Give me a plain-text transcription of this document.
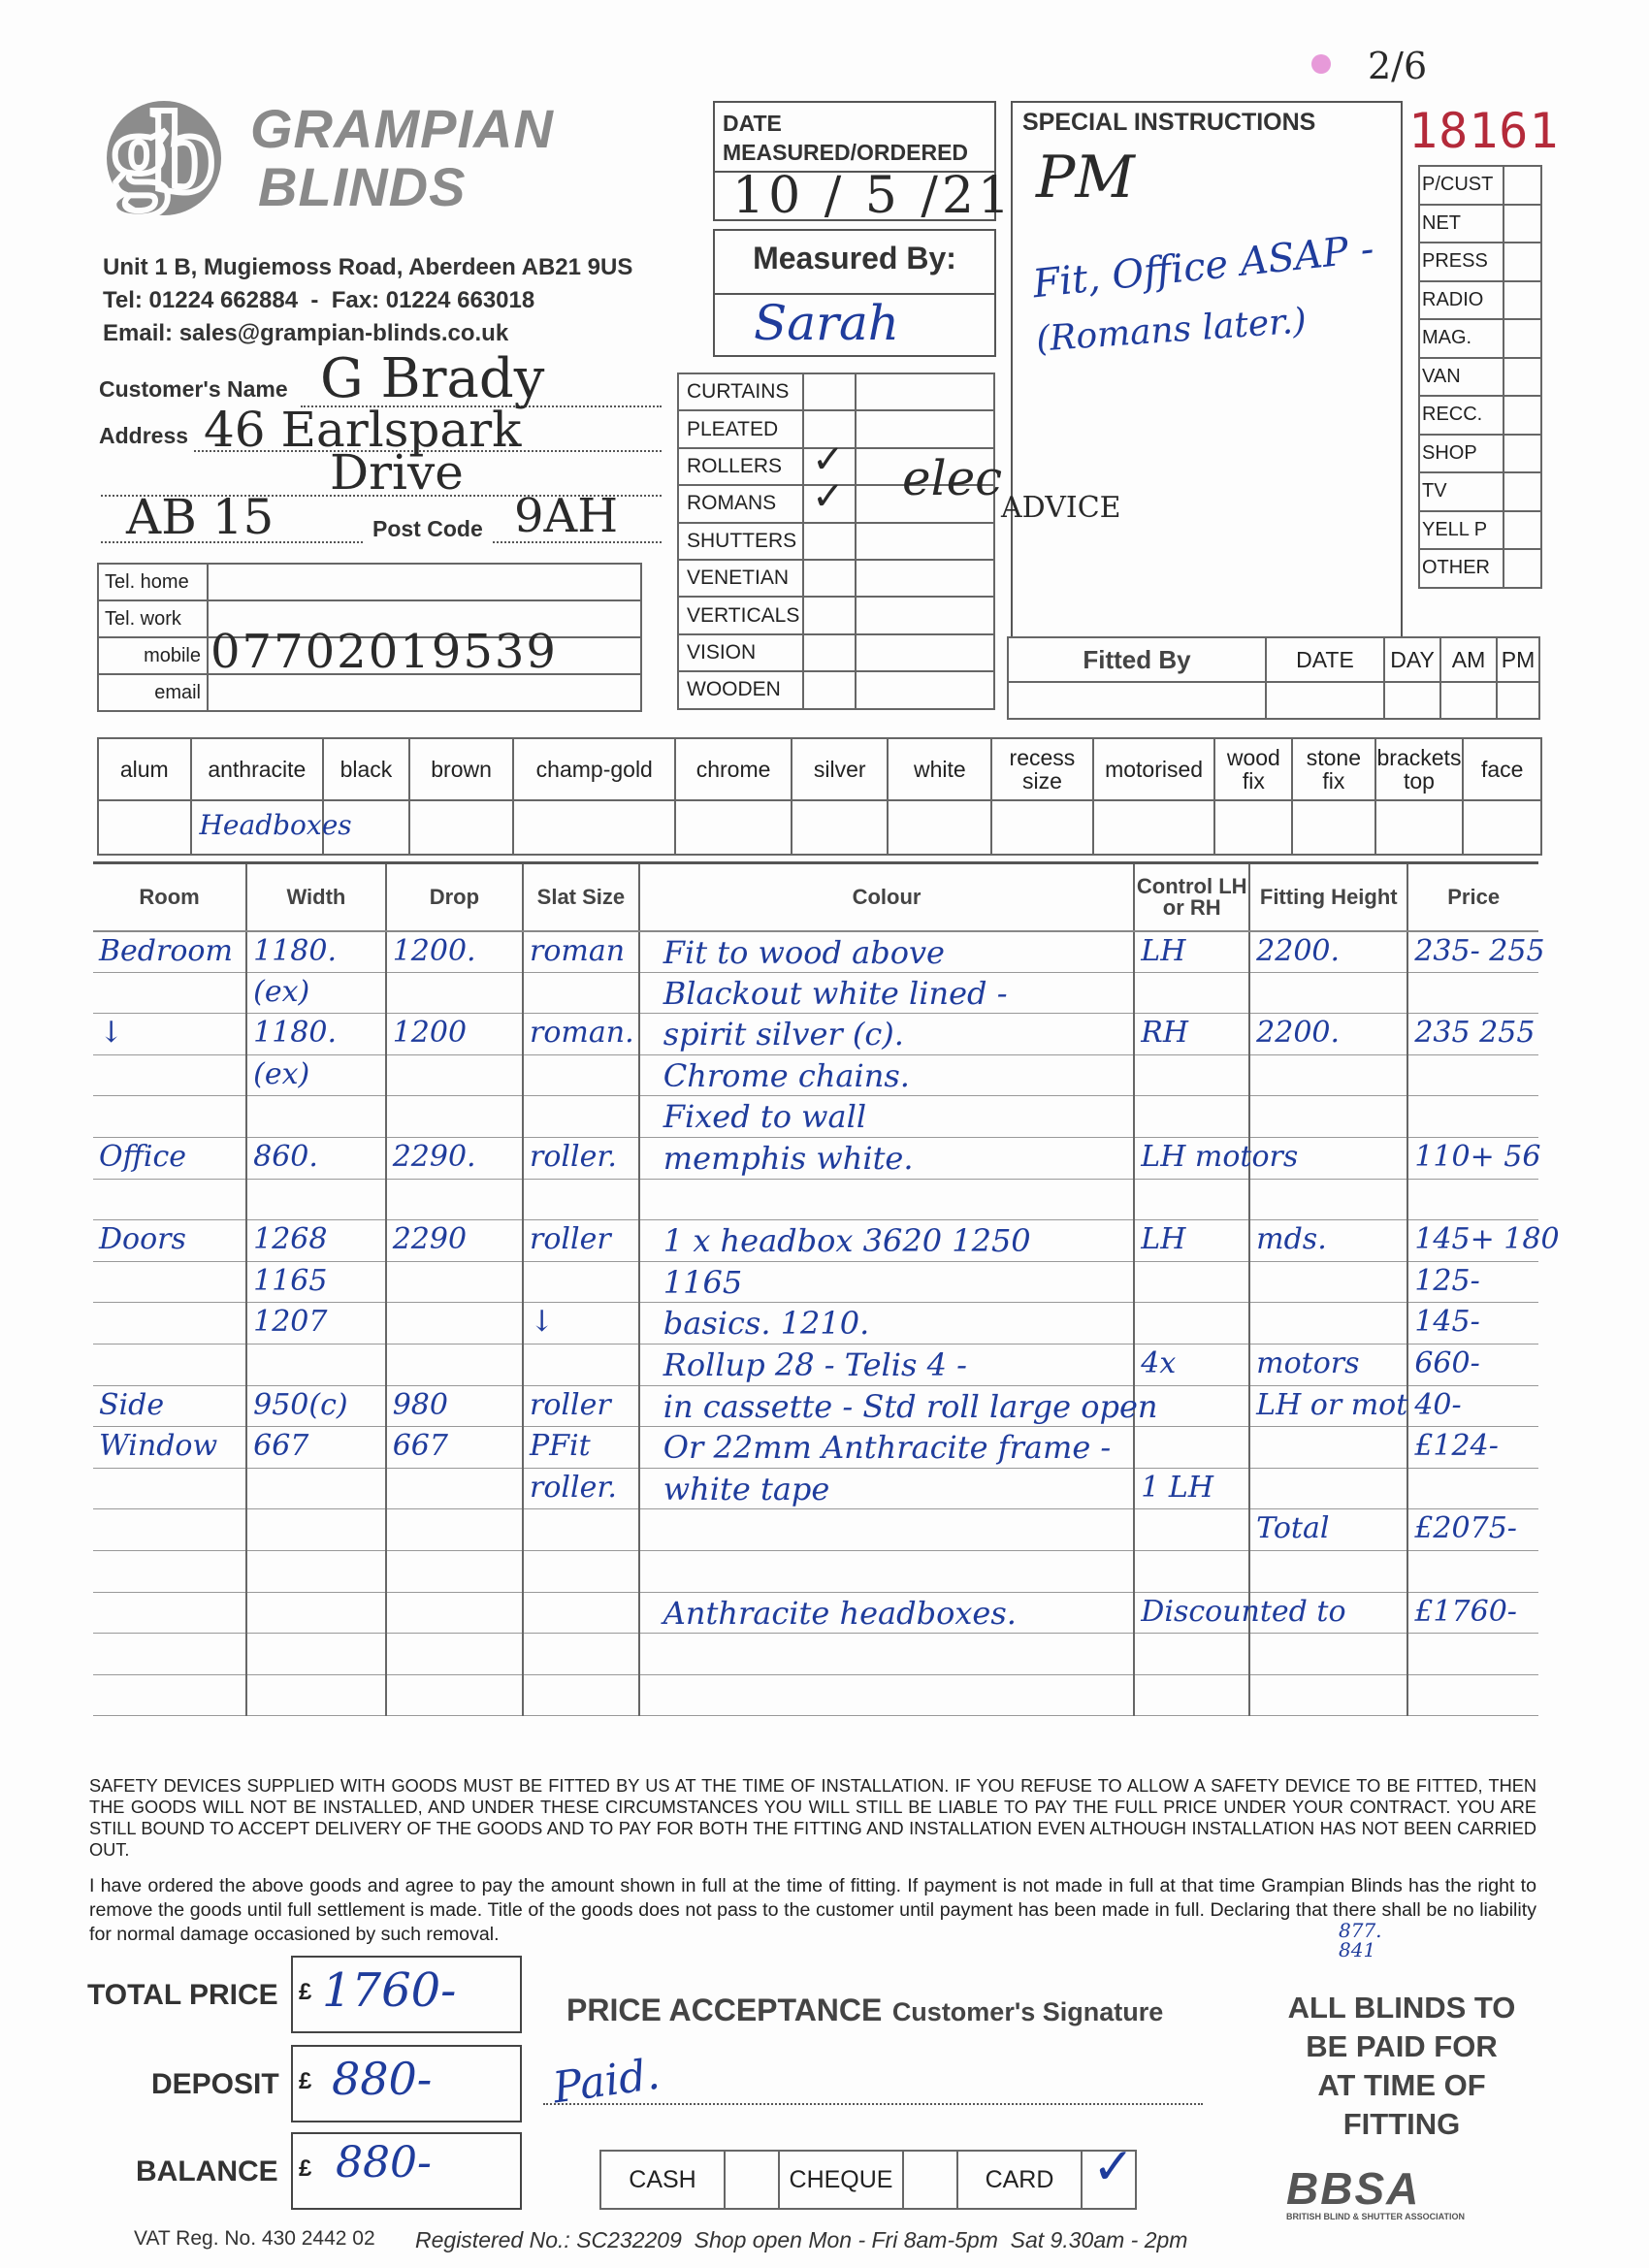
gb GRAMPIAN
BLINDS
Unit 1 B, Mugiemoss Road, Aberdeen AB21 9US
Tel: 01224 662884  -  Fax: 01224 663018
Email: sales@grampian-blinds.co.uk
DATE MEASURED/ORDERED
10 / 5 /21
Measured By:
Sarah
SPECIAL INSTRUCTIONS
PM
Fit, Office ASAP -
(Romans later.)
ADVICE
2/6
18161
P/CUST	
NET	
PRESS	
RADIO	
MAG.	
VAN	
RECC.	
SHOP	
TV	
YELL P	
OTHER	
Customer's Name G Brady
Address 46 Earlspark
Drive
AB 15	Post Code 9AH
Tel. home	
Tel. work	
mobile	07702019539

email	
CURTAINS		
PLEATED		
ROLLERS	✓	

ROMANS	✓	

SHUTTERS		
VENETIAN		
VERTICALS		
VISION		
WOODEN		
elec
Fitted By	DATE	DAY	AM	PM

alum	anthracite	black	brown	champ-gold	chrome	silver	white	recess size	motorised	wood fix	stone fix	brackets top	face

	Headboxes												

Room	Width	Drop	Slat Size	Colour	Control LH or RH	Fitting Height	Price

Bedroom	1180.	1200.	roman	Fit to wood above	LH	2200.	235- 255

	(ex)			Blackout white lined -			

↓	1180.	1200	roman.	spirit silver (c).	RH	2200.	235 255

	(ex)			Chrome chains.			

				Fixed to wall			

Office	860.	2290.	roller.	memphis white.	LH motors		110+ 56

Doors	1268	2290	roller	1 x headbox 3620 1250	LH	mds.	145+ 180

	1165			1165			125-

	1207		↓	basics. 1210.			145-

				Rollup 28 - Telis 4 -	4x	motors	660-

Side	950(c)	980	roller	in cassette - Std roll large open		LH or mot	40-

Window	667	667	PFit	Or 22mm Anthracite frame -			£124-

			roller.	white tape	1 LH		

						Total	£2075-

				Anthracite headboxes.	Discounted to		£1760-

SAFETY DEVICES SUPPLIED WITH GOODS MUST BE FITTED BY US AT THE TIME OF INSTALLATION. IF YOU REFUSE TO ALLOW A SAFETY DEVICE TO BE FITTED, THEN THE GOODS WILL NOT BE INSTALLED, AND UNDER THESE CIRCUMSTANCES YOU WILL STILL BE LIABLE TO PAY THE FULL PRICE UNDER YOUR CONTRACT. YOU ARE STILL BOUND TO ACCEPT DELIVERY OF THE GOODS AND TO PAY FOR BOTH THE FITTING AND INSTALLATION EVEN ALTHOUGH INSTALLATION HAS NOT BEEN CARRIED OUT.
I have ordered the above goods and agree to pay the amount shown in full at the time of fitting. If payment is not made in full at that time Grampian Blinds has the right to remove the goods until full settlement is made. Title of the goods does not pass to the customer until payment has been made in full. Declaring that there shall be no liability for normal damage occasioned by such removal.	877. 841
TOTAL PRICE £ 1760-
DEPOSIT £ 880-
BALANCE £ 880-
PRICE ACCEPTANCE Customer's Signature
Paid.
CASH		CHEQUE		CARD	✓
ALL BLINDS TO
BE PAID FOR
AT TIME OF
FITTING
BBSA
BRITISH BLIND & SHUTTER ASSOCIATION
VAT Reg. No. 430 2442 02 Registered No.: SC232209  Shop open Mon - Fri 8am-5pm  Sat 9.30am - 2pm
